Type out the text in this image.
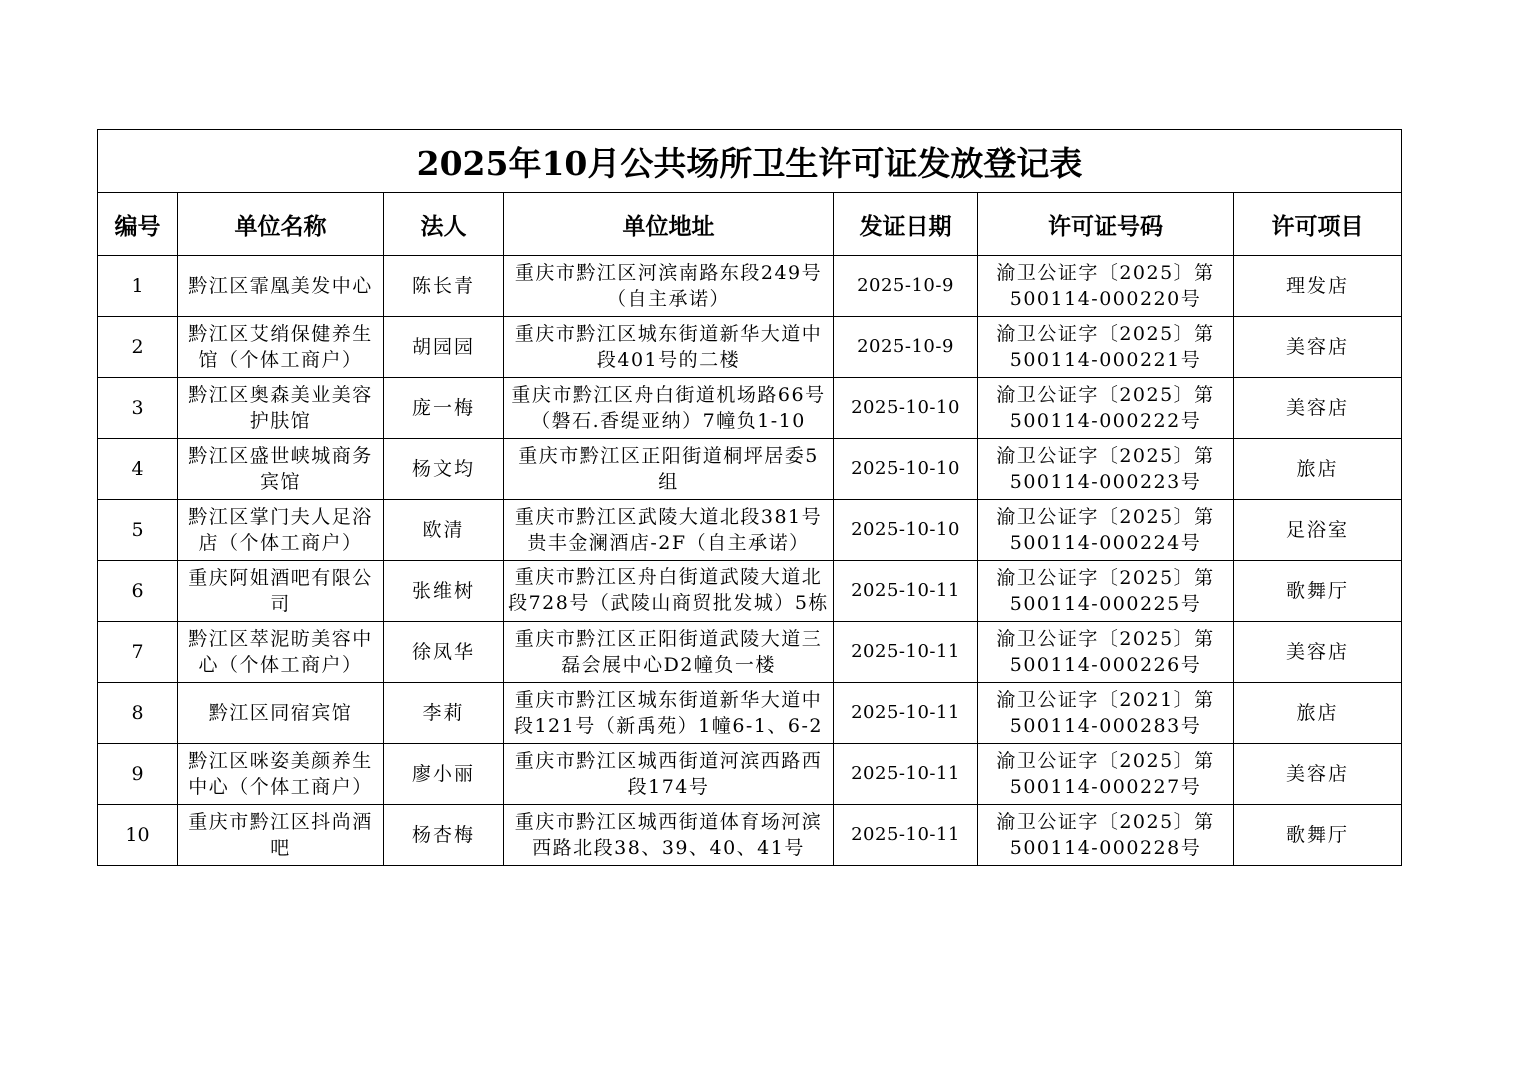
2025年10月公共场所卫生许可证发放登记表						
编号	单位名称	法人	单位地址	发证日期	许可证号码	许可项目
1	黔江区霏凰美发中心	陈长青	重庆市黔江区河滨南路东段249号（自主承诺）	2025-10-9	渝卫公证字〔2025〕第500114-000220号	理发店
2	黔江区艾绡保健养生馆（个体工商户）	胡园园	重庆市黔江区城东街道新华大道中段401号的二楼	2025-10-9	渝卫公证字〔2025〕第500114-000221号	美容店
3	黔江区奥森美业美容护肤馆	庞一梅	重庆市黔江区舟白街道机场路66号（磐石.香缇亚纳）7幢负1-10	2025-10-10	渝卫公证字〔2025〕第500114-000222号	美容店
4	黔江区盛世峡城商务宾馆	杨文均	重庆市黔江区正阳街道桐坪居委5组	2025-10-10	渝卫公证字〔2025〕第500114-000223号	旅店
5	黔江区掌门夫人足浴店（个体工商户）	欧清	重庆市黔江区武陵大道北段381号贵丰金澜酒店-2F（自主承诺）	2025-10-10	渝卫公证字〔2025〕第500114-000224号	足浴室
6	重庆阿姐酒吧有限公司	张维树	重庆市黔江区舟白街道武陵大道北段728号（武陵山商贸批发城）5栋	2025-10-11	渝卫公证字〔2025〕第500114-000225号	歌舞厅
7	黔江区萃泥昉美容中心（个体工商户）	徐凤华	重庆市黔江区正阳街道武陵大道三磊会展中心D2幢负一楼	2025-10-11	渝卫公证字〔2025〕第500114-000226号	美容店
8	黔江区同宿宾馆	李莉	重庆市黔江区城东街道新华大道中段121号（新禹苑）1幢6-1、6-2	2025-10-11	渝卫公证字〔2021〕第500114-000283号	旅店
9	黔江区咪姿美颜养生中心（个体工商户）	廖小丽	重庆市黔江区城西街道河滨西路西段174号	2025-10-11	渝卫公证字〔2025〕第500114-000227号	美容店
10	重庆市黔江区抖尚酒吧	杨杏梅	重庆市黔江区城西街道体育场河滨西路北段38、39、40、41号	2025-10-11	渝卫公证字〔2025〕第500114-000228号	歌舞厅
